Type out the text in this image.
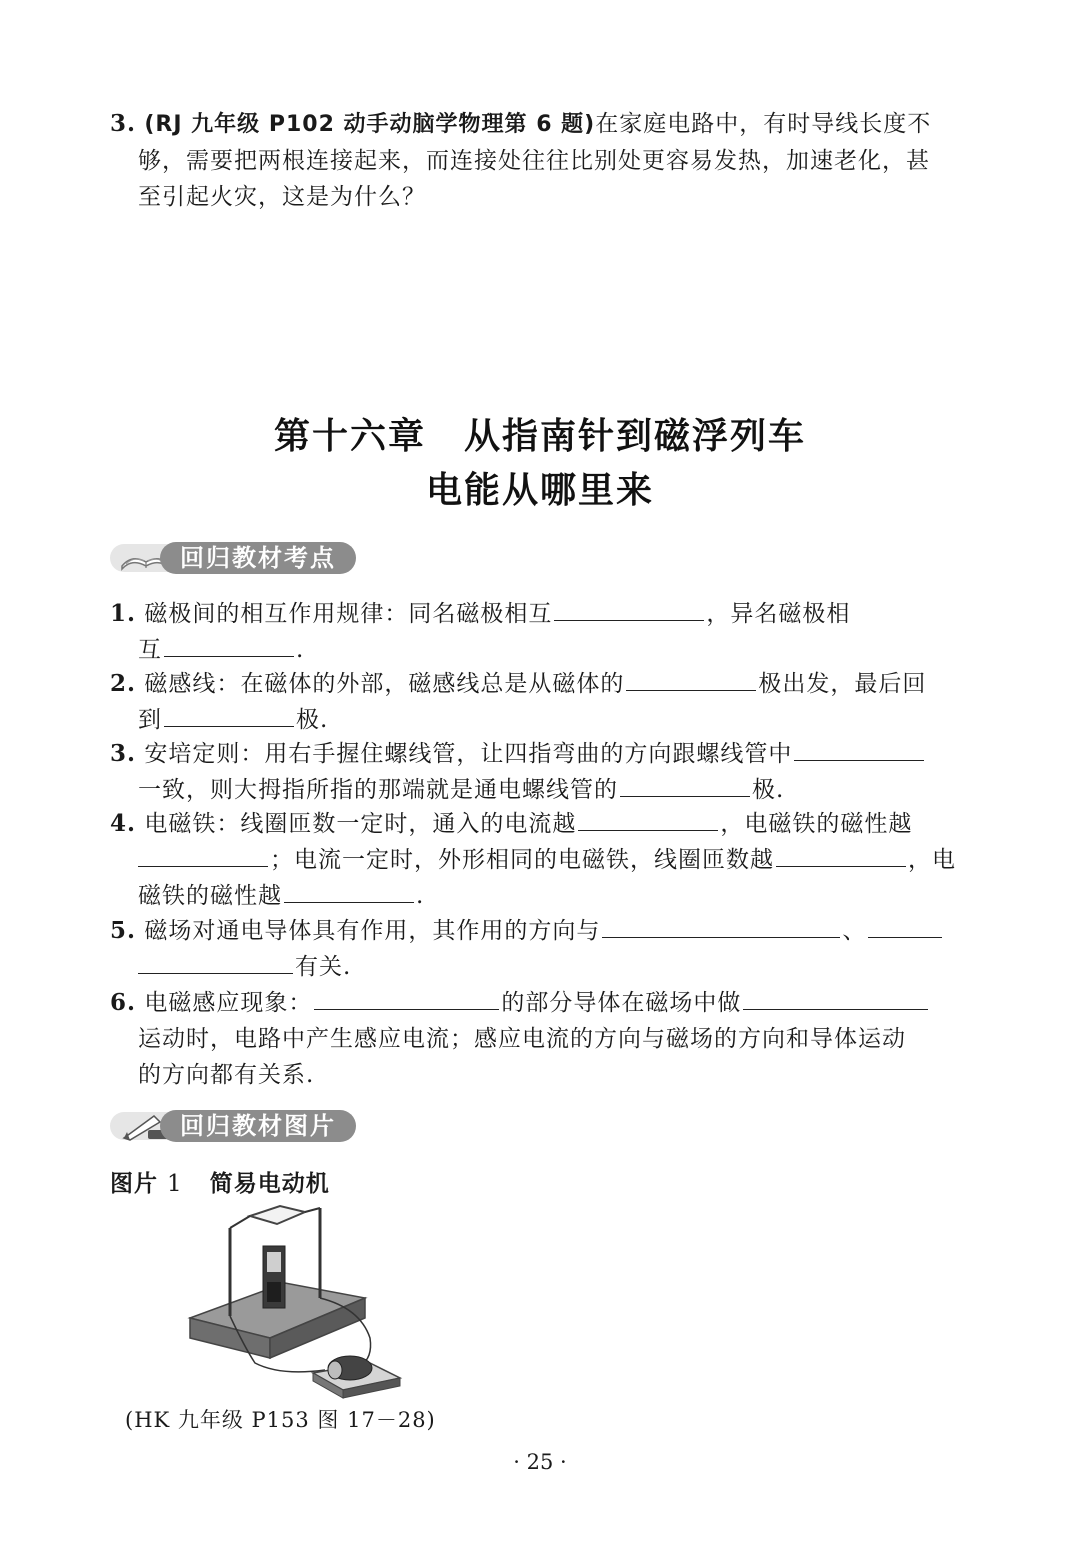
3. (RJ 九年级 P102 动手动脑学物理第 6 题)在家庭电路中，有时导线长度不
够，需要把两根连接起来，而连接处往往比别处更容易发热，加速老化，甚
至引起火灾，这是为什么？
第十六章　从指南针到磁浮列车
电能从哪里来
回归教材考点
1. 磁极间的相互作用规律：同名磁极相互	，异名磁极相
互	.
2. 磁感线：在磁体的外部，磁感线总是从磁体的	极出发，最后回
到	极.
3. 安培定则：用右手握住螺线管，让四指弯曲的方向跟螺线管中
一致，则大拇指所指的那端就是通电螺线管的	极.
4. 电磁铁：线圈匝数一定时，通入的电流越	，电磁铁的磁性越
；电流一定时，外形相同的电磁铁，线圈匝数越	，电
磁铁的磁性越	.
5. 磁场对通电导体具有作用，其作用的方向与	、
有关.
6. 电磁感应现象：	的部分导体在磁场中做
运动时，电路中产生感应电流；感应电流的方向与磁场的方向和导体运动
的方向都有关系.
回归教材图片
图片 1 简易电动机
(HK 九年级 P153 图 17－28)
· 25 ·
